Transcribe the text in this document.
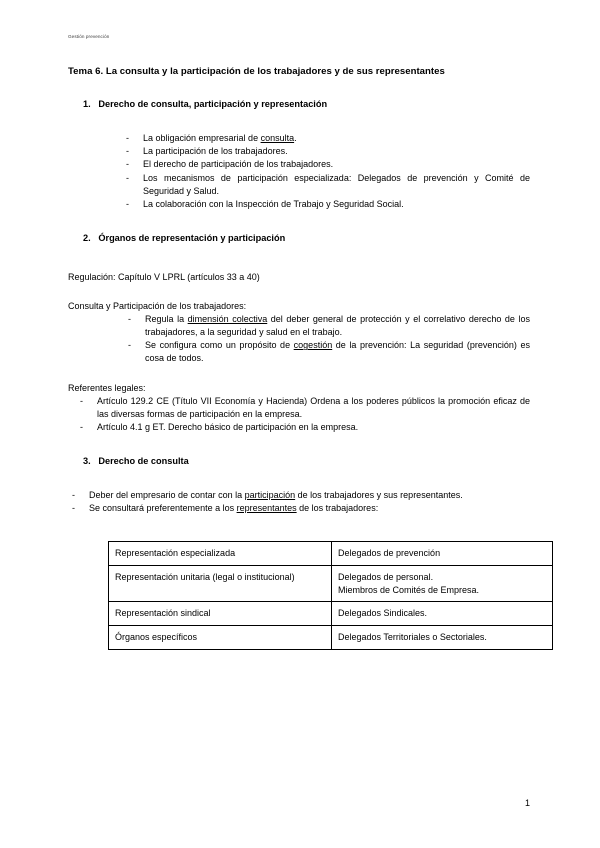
Gestión prevención
Tema 6. La consulta y la participación de los trabajadores y de sus representantes
1. Derecho de consulta, participación y representación
- La obligación empresarial de consulta.
- La participación de los trabajadores.
- El derecho de participación de los trabajadores.
- Los mecanismos de participación especializada: Delegados de prevención y Comité de Seguridad y Salud.
- La colaboración con la Inspección de Trabajo y Seguridad Social.
2. Órganos de representación y participación

Regulación: Capítulo V LPRL (artículos 33 a 40)

Consulta y Participación de los trabajadores:

- Regula la dimensión colectiva del deber general de protección y el correlativo derecho de los trabajadores, a la seguridad y salud en el trabajo.
- Se configura como un propósito de cogestión de la prevención: La seguridad (prevención) es cosa de todos.

Referentes legales:

- Artículo 129.2 CE (Título VII Economía y Hacienda) Ordena a los poderes públicos la promoción eficaz de las diversas formas de participación en la empresa.
- Artículo 4.1 g ET. Derecho básico de participación en la empresa.
3. Derecho de consulta
- Deber del empresario de contar con la participación de los trabajadores y sus representantes.
- Se consultará preferentemente a los representantes de los trabajadores:
Representación especializada	Delegados de prevención
Representación unitaria (legal o institucional)	Delegados de personal.
Miembros de Comités de Empresa.

Representación sindical	Delegados Sindicales.
Órganos específicos	Delegados Territoriales o Sectoriales.
1
